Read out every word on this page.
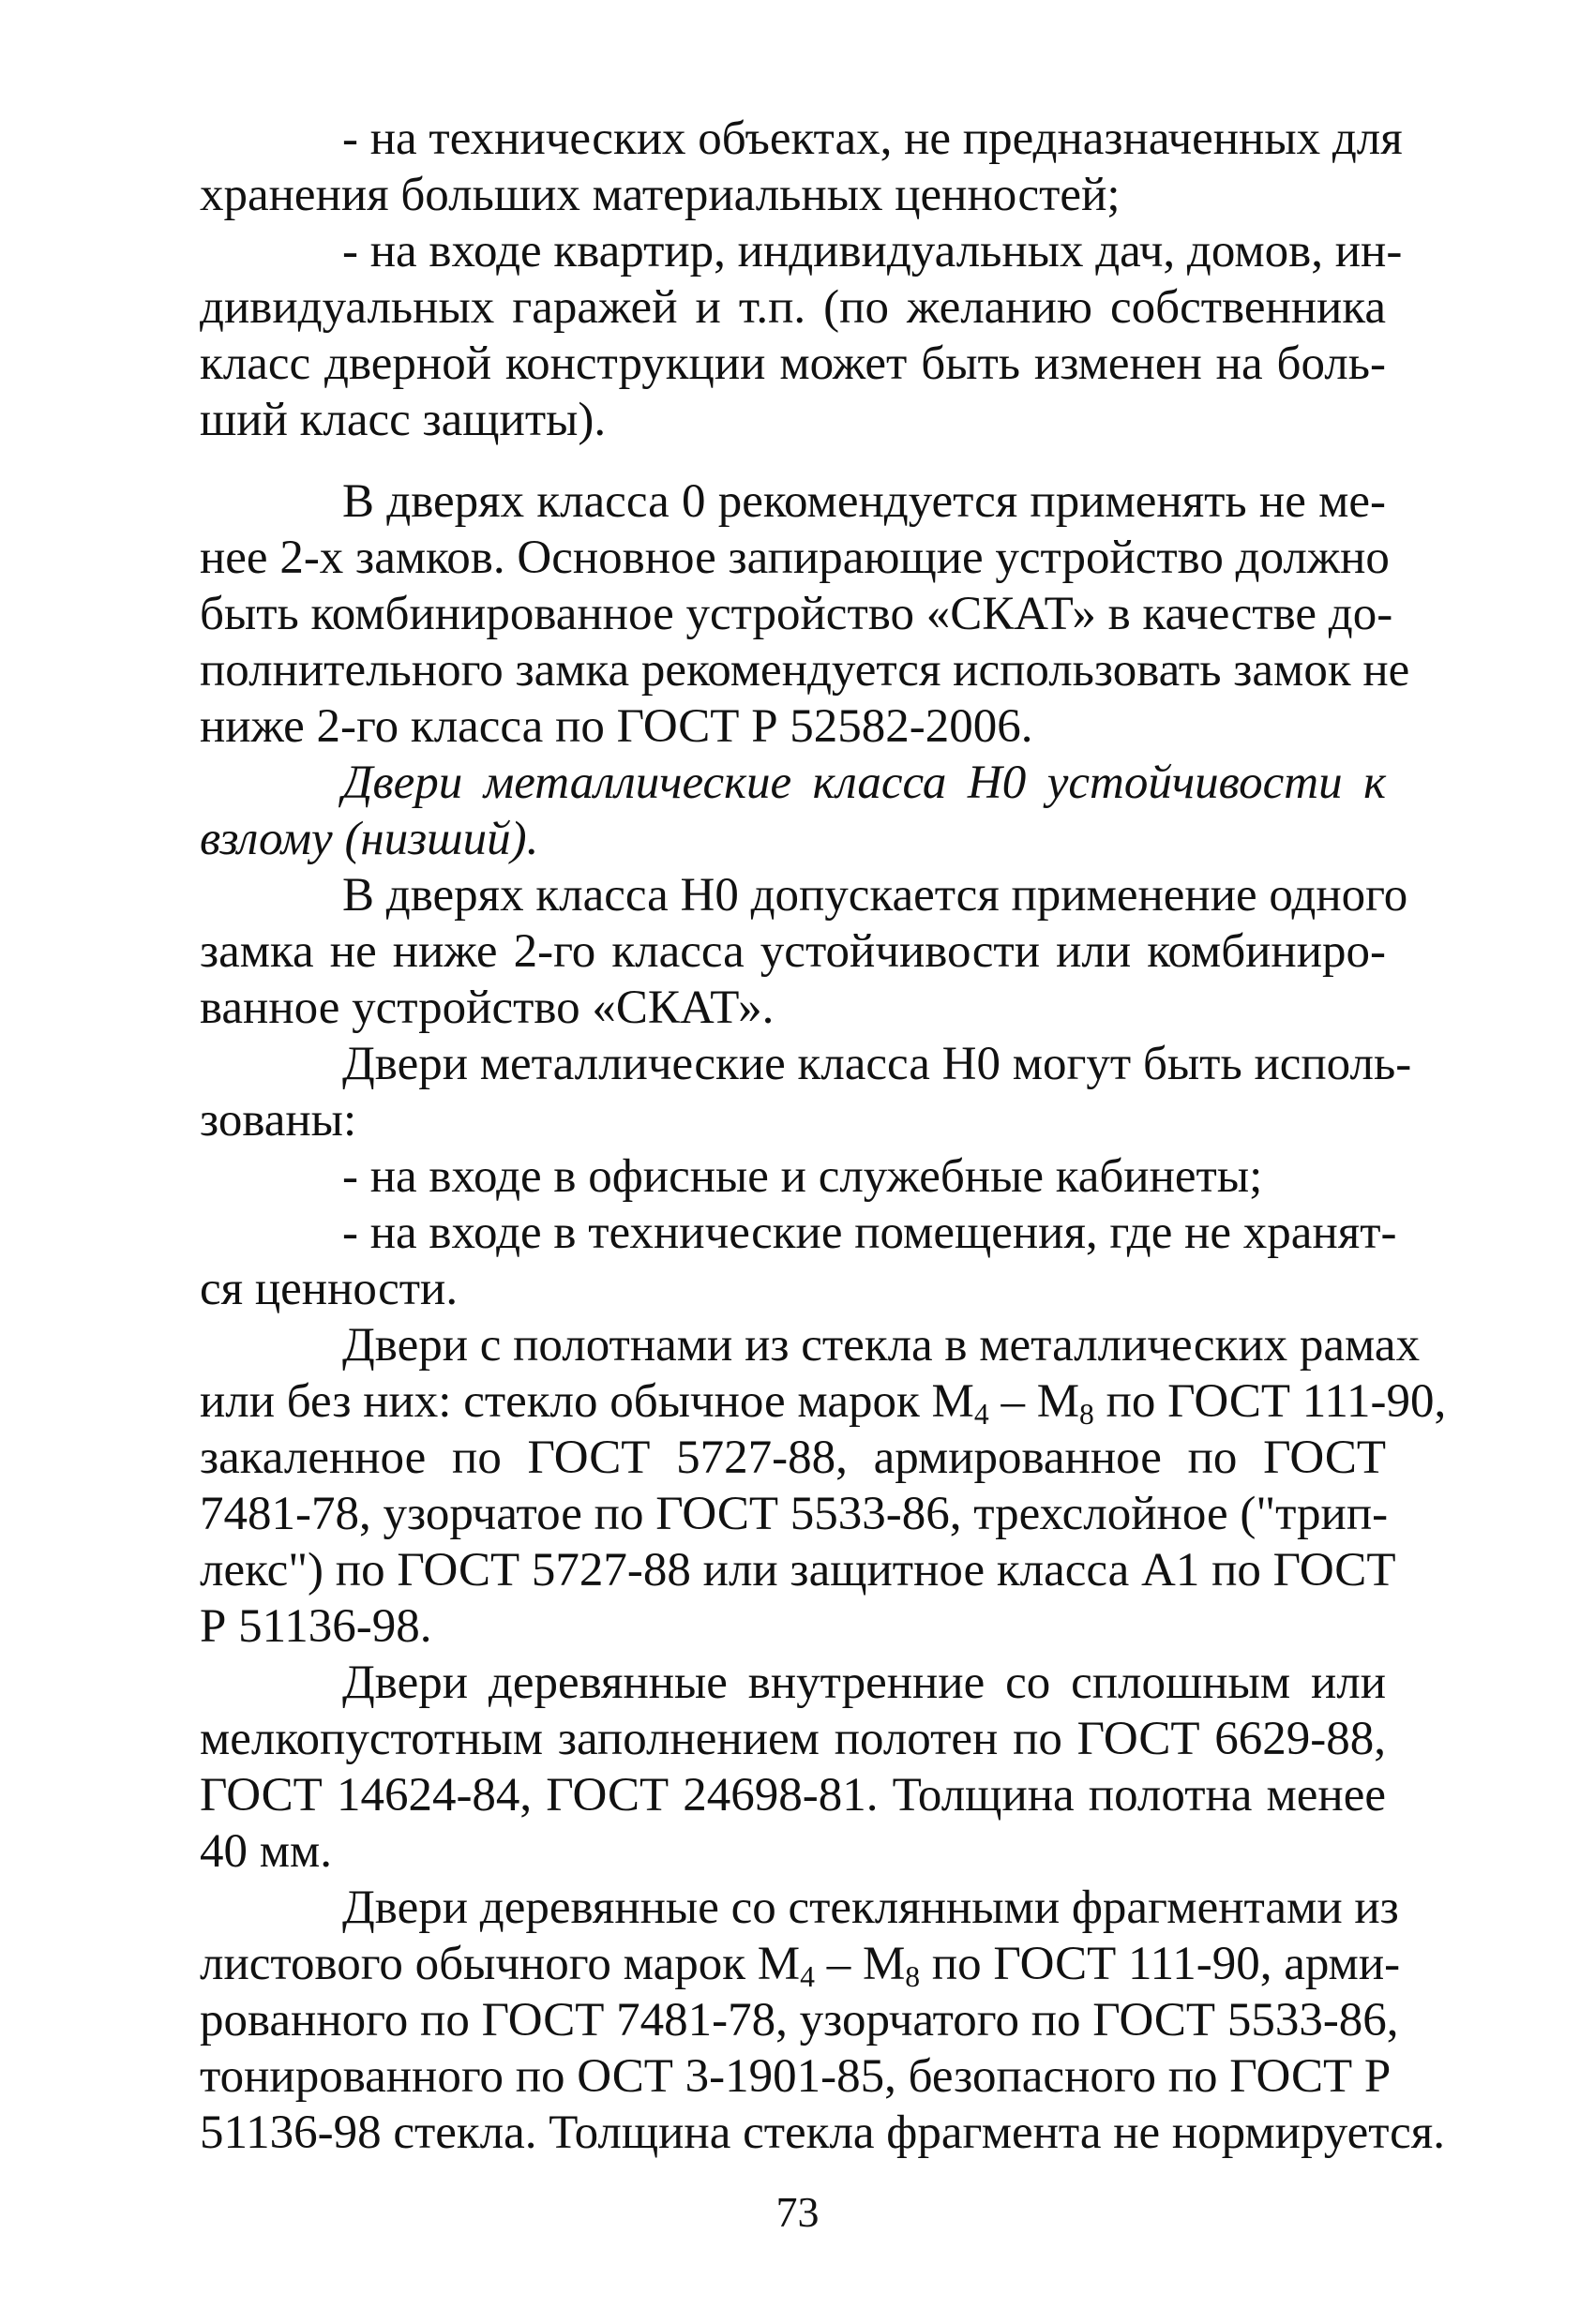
- на технических объектах, не предназначенных для
хранения больших материальных ценностей;
- на входе квартир, индивидуальных дач, домов, ин-
дивидуальных гаражей и т.п. (по желанию собственника
класс дверной конструкции может быть изменен на боль-
ший класс защиты).
В дверях класса 0 рекомендуется применять не ме-
нее 2-х замков. Основное запирающие устройство должно
быть комбинированное устройство «СКАТ» в качестве до-
полнительного замка рекомендуется использовать замок не
ниже 2-го класса по ГОСТ Р 52582-2006.
Двери металлические класса Н0 устойчивости к
взлому (низший).
В дверях класса Н0 допускается применение одного
замка не ниже 2-го класса устойчивости или комбиниро-
ванное устройство «СКАТ».
Двери металлические класса Н0 могут быть исполь-
зованы:
- на входе в офисные и служебные кабинеты;
- на входе в технические помещения, где не хранят-
ся ценности.
Двери с полотнами из стекла в металлических рамах
или без них: стекло обычное марок $М_4 - М_8$ по ГОСТ 111-90,
закаленное по ГОСТ 5727-88, армированное по ГОСТ
7481-78, узорчатое по ГОСТ 5533-86, трехслойное ("трип-
лекс") по ГОСТ 5727-88 или защитное класса А1 по ГОСТ
Р 51136-98.
Двери деревянные внутренние со сплошным или
мелкопустотным заполнением полотен по ГОСТ 6629-88,
ГОСТ 14624-84, ГОСТ 24698-81. Толщина полотна менее
40 мм.
Двери деревянные со стеклянными фрагментами из
листового обычного марок $М_4 - М_8$ по ГОСТ 111-90, арми-
рованного по ГОСТ 7481-78, узорчатого по ГОСТ 5533-86,
тонированного по ОСТ 3-1901-85, безопасного по ГОСТ Р
51136-98 стекла. Толщина стекла фрагмента не нормируется.
73
